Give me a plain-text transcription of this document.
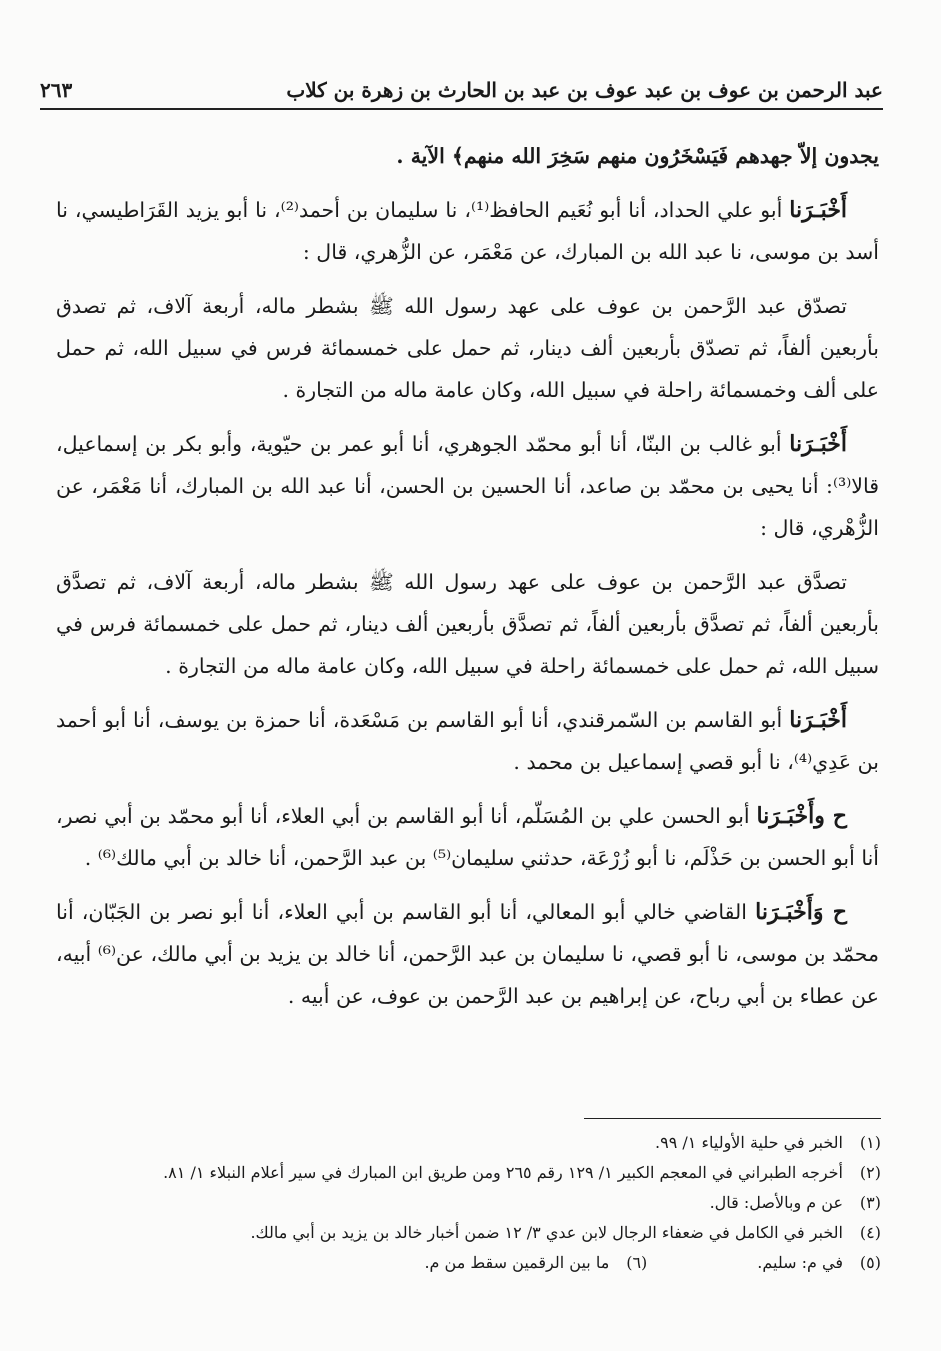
عبد الرحمن بن عوف بن عبد عوف بن عبد بن الحارث بن زهرة بن كلاب
٢٦٣

يجدون إلاّ جهدهم فَيَسْخَرُون منهم سَخِرَ الله منهم﴾ الآية .

أَخْبَـرَنا أبو علي الحداد، أنا أبو نُعَيم الحافظ⁽¹⁾، نا سليمان بن أحمد⁽²⁾، نا أبو يزيد القَرَاطيسي، نا أسد بن موسى، نا عبد الله بن المبارك، عن مَعْمَر، عن الزُّهري، قال :

تصدّق عبد الرَّحمن بن عوف على عهد رسول الله ﷺ بشطر ماله، أربعة آلاف، ثم تصدق بأربعين ألفاً، ثم تصدّق بأربعين ألف دينار، ثم حمل على خمسمائة فرس في سبيل الله، ثم حمل على ألف وخمسمائة راحلة في سبيل الله، وكان عامة ماله من التجارة .

أَخْبَـرَنا أبو غالب بن البنّا، أنا أبو محمّد الجوهري، أنا أبو عمر بن حيّوية، وأبو بكر بن إسماعيل، قالا⁽³⁾: أنا يحيى بن محمّد بن صاعد، أنا الحسين بن الحسن، أنا عبد الله بن المبارك، أنا مَعْمَر، عن الزُّهْري، قال :

تصدَّق عبد الرَّحمن بن عوف على عهد رسول الله ﷺ بشطر ماله، أربعة آلاف، ثم تصدَّق بأربعين ألفاً، ثم تصدَّق بأربعين ألفاً، ثم تصدَّق بأربعين ألف دينار، ثم حمل على خمسمائة فرس في سبيل الله، ثم حمل على خمسمائة راحلة في سبيل الله، وكان عامة ماله من التجارة .

أَخْبَـرَنا أبو القاسم بن السّمرقندي، أنا أبو القاسم بن مَسْعَدة، أنا حمزة بن يوسف، أنا أبو أحمد بن عَدِي⁽⁴⁾، نا أبو قصي إسماعيل بن محمد .

ح وأَخْبَـرَنا أبو الحسن علي بن المُسَلّم، أنا أبو القاسم بن أبي العلاء، أنا أبو محمّد بن أبي نصر، أنا أبو الحسن بن حَذْلَم، نا أبو زُرْعَة، حدثني سليمان⁽⁵⁾ بن عبد الرَّحمن، أنا خالد بن أبي مالك⁽⁶⁾ .

ح وَأَخْبَـرَنا القاضي خالي أبو المعالي، أنا أبو القاسم بن أبي العلاء، أنا أبو نصر بن الجَبّان، أنا محمّد بن موسى، نا أبو قصي، نا سليمان بن عبد الرَّحمن، أنا خالد بن يزيد بن أبي مالك، عن⁽⁶⁾ أبيه، عن عطاء بن أبي رباح، عن إبراهيم بن عبد الرَّحمن بن عوف، عن أبيه .

(١)
الخبر في حلية الأولياء ١/ ٩٩.
(٢)
أخرجه الطبراني في المعجم الكبير ١/ ١٢٩ رقم ٢٦٥ ومن طريق ابن المبارك في سير أعلام النبلاء ١/ ٨١.
(٣)
عن م وبالأصل: قال.
(٤)
الخبر في الكامل في ضعفاء الرجال لابن عدي ٣/ ١٢ ضمن أخبار خالد بن يزيد بن أبي مالك.
(٥)
في م: سليم.
(٦)
ما بين الرقمين سقط من م.
